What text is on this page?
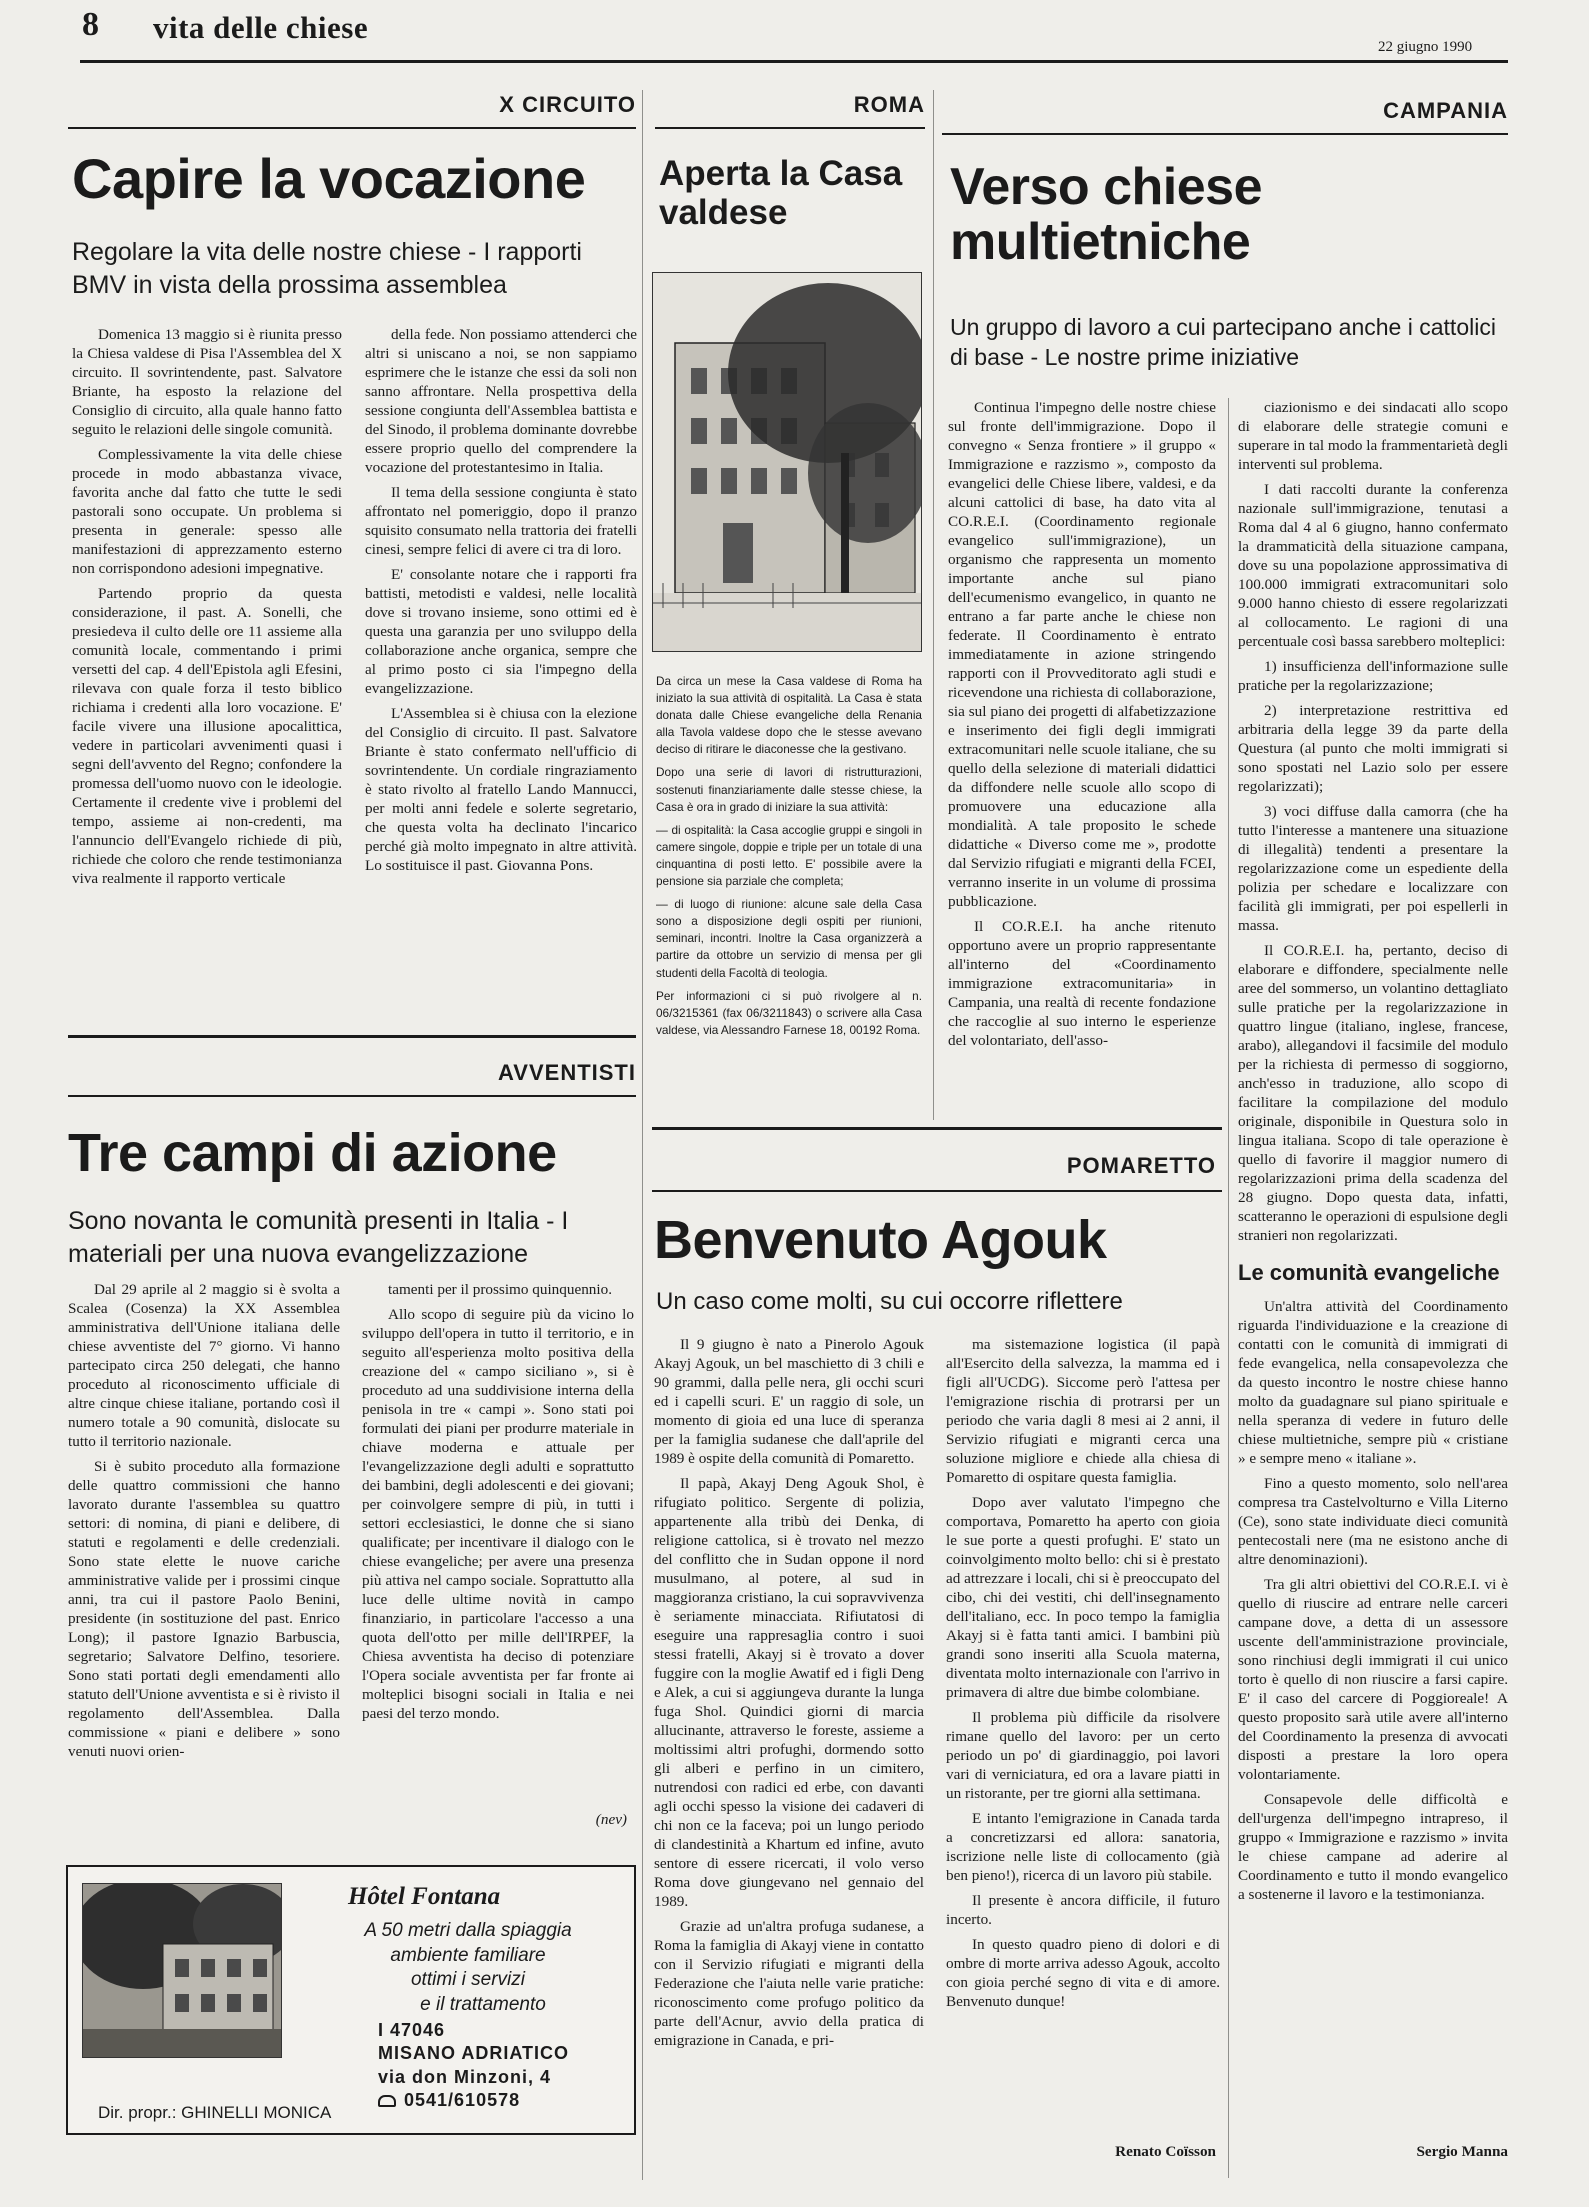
8 vita delle chiese
22 giugno 1990
X CIRCUITO
Capire la vocazione
Regolare la vita delle nostre chiese - I rapporti BMV in vista della prossima assemblea

Domenica 13 maggio si è riunita presso la Chiesa valdese di Pisa l'Assemblea del X circuito. Il sovrintendente, past. Salvatore Briante, ha esposto la relazione del Consiglio di circuito, alla quale hanno fatto seguito le relazioni delle singole comunità.

Complessivamente la vita delle chiese procede in modo abbastanza vivace, favorita anche dal fatto che tutte le sedi pastorali sono occupate. Un problema si presenta in generale: spesso alle manifestazioni di apprezzamento esterno non corrispondono adesioni impegnative.

Partendo proprio da questa considerazione, il past. A. Sonelli, che presiedeva il culto delle ore 11 assieme alla comunità locale, commentando i primi versetti del cap. 4 dell'Epistola agli Efesini, rilevava con quale forza il testo biblico richiama i credenti alla loro vocazione. E' facile vivere una illusione apocalittica, vedere in particolari avvenimenti quasi i segni dell'avvento del Regno; confondere la promessa dell'uomo nuovo con le ideologie. Certamente il credente vive i problemi del tempo, assieme ai non-credenti, ma l'annuncio dell'Evangelo richiede di più, richiede che coloro che rende testimonianza viva realmente il rapporto verticale

della fede. Non possiamo attenderci che altri si uniscano a noi, se non sappiamo esprimere che le istanze che essi da soli non sanno affrontare. Nella prospettiva della sessione congiunta dell'Assemblea battista e del Sinodo, il problema dominante dovrebbe essere proprio quello del comprendere la vocazione del protestantesimo in Italia.

Il tema della sessione congiunta è stato affrontato nel pomeriggio, dopo il pranzo squisito consumato nella trattoria dei fratelli cinesi, sempre felici di avere ci tra di loro.

E' consolante notare che i rapporti fra battisti, metodisti e valdesi, nelle località dove si trovano insieme, sono ottimi ed è questa una garanzia per uno sviluppo della collaborazione anche organica, sempre che al primo posto ci sia l'impegno della evangelizzazione.

L'Assemblea si è chiusa con la elezione del Consiglio di circuito. Il past. Salvatore Briante è stato confermato nell'ufficio di sovrintendente. Un cordiale ringraziamento è stato rivolto al fratello Lando Mannucci, per molti anni fedele e solerte segretario, che questa volta ha declinato l'incarico perché già molto impegnato in altre attività. Lo sostituisce il past. Giovanna Pons.

ROMA
Aperta la Casa valdese

Da circa un mese la Casa valdese di Roma ha iniziato la sua attività di ospitalità. La Casa è stata donata dalle Chiese evangeliche della Renania alla Tavola valdese dopo che le stesse avevano deciso di ritirare le diaconesse che la gestivano.

Dopo una serie di lavori di ristrutturazioni, sostenuti finanziariamente dalle stesse chiese, la Casa è ora in grado di iniziare la sua attività:

— di ospitalità: la Casa accoglie gruppi e singoli in camere singole, doppie e triple per un totale di una cinquantina di posti letto. E' possibile avere la pensione sia parziale che completa;

— di luogo di riunione: alcune sale della Casa sono a disposizione degli ospiti per riunioni, seminari, incontri. Inoltre la Casa organizzerà a partire da ottobre un servizio di mensa per gli studenti della Facoltà di teologia.

Per informazioni ci si può rivolgere al n. 06/3215361 (fax 06/3211843) o scrivere alla Casa valdese, via Alessandro Farnese 18, 00192 Roma.

CAMPANIA
Verso chiese multietniche
Un gruppo di lavoro a cui partecipano anche i cattolici di base - Le nostre prime iniziative

Continua l'impegno delle nostre chiese sul fronte dell'immigrazione. Dopo il convegno « Senza frontiere » il gruppo « Immigrazione e razzismo », composto da evangelici delle Chiese libere, valdesi, e da alcuni cattolici di base, ha dato vita al CO.R.E.I. (Coordinamento regionale evangelico sull'immigrazione), un organismo che rappresenta un momento importante anche sul piano dell'ecumenismo evangelico, in quanto ne entrano a far parte anche le chiese non federate. Il Coordinamento è entrato immediatamente in azione stringendo rapporti con il Provveditorato agli studi e ricevendone una richiesta di collaborazione, sia sul piano dei progetti di alfabetizzazione e inserimento dei figli degli immigrati extracomunitari nelle scuole italiane, che su quello della selezione di materiali didattici da diffondere nelle scuole allo scopo di promuovere una educazione alla mondialità. A tale proposito le schede didattiche « Diverso come me », prodotte dal Servizio rifugiati e migranti della FCEI, verranno inserite in un volume di prossima pubblicazione.

Il CO.R.E.I. ha anche ritenuto opportuno avere un proprio rappresentante all'interno del «Coordinamento immigrazione extracomunitaria» in Campania, una realtà di recente fondazione che raccoglie al suo interno le esperienze del volontariato, dell'asso-

ciazionismo e dei sindacati allo scopo di elaborare delle strategie comuni e superare in tal modo la frammentarietà degli interventi sul problema.

I dati raccolti durante la conferenza nazionale sull'immigrazione, tenutasi a Roma dal 4 al 6 giugno, hanno confermato la drammaticità della situazione campana, dove su una popolazione approssimativa di 100.000 immigrati extracomunitari solo 9.000 hanno chiesto di essere regolarizzati al collocamento. Le ragioni di una percentuale così bassa sarebbero molteplici:

1) insufficienza dell'informazione sulle pratiche per la regolarizzazione;

2) interpretazione restrittiva ed arbitraria della legge 39 da parte della Questura (al punto che molti immigrati si sono spostati nel Lazio solo per essere regolarizzati);

3) voci diffuse dalla camorra (che ha tutto l'interesse a mantenere una situazione di illegalità) tendenti a presentare la regolarizzazione come un espediente della polizia per schedare e localizzare con facilità gli immigrati, per poi espellerli in massa.

Il CO.R.E.I. ha, pertanto, deciso di elaborare e diffondere, specialmente nelle aree del sommerso, un volantino dettagliato sulle pratiche per la regolarizzazione in quattro lingue (italiano, inglese, francese, arabo), allegandovi il facsimile del modulo per la richiesta di permesso di soggiorno, anch'esso in traduzione, allo scopo di facilitare la compilazione del modulo originale, disponibile in Questura solo in lingua italiana. Scopo di tale operazione è quello di favorire il maggior numero di regolarizzazioni prima della scadenza del 28 giugno. Dopo questa data, infatti, scatteranno le operazioni di espulsione degli stranieri non regolarizzati.

Le comunità evangeliche

Un'altra attività del Coordinamento riguarda l'individuazione e la creazione di contatti con le comunità di immigrati di fede evangelica, nella consapevolezza che da questo incontro le nostre chiese hanno molto da guadagnare sul piano spirituale e nella speranza di vedere in futuro delle chiese multietniche, sempre più « cristiane » e sempre meno « italiane ».

Fino a questo momento, solo nell'area compresa tra Castelvolturno e Villa Literno (Ce), sono state individuate dieci comunità pentecostali nere (ma ne esistono anche di altre denominazioni).

Tra gli altri obiettivi del CO.R.E.I. vi è quello di riuscire ad entrare nelle carceri campane dove, a detta di un assessore uscente dell'amministrazione provinciale, sono rinchiusi degli immigrati il cui unico torto è quello di non riuscire a farsi capire. E' il caso del carcere di Poggioreale! A questo proposito sarà utile avere all'interno del Coordinamento la presenza di avvocati disposti a prestare la loro opera volontariamente.

Consapevole delle difficoltà e dell'urgenza dell'impegno intrapreso, il gruppo « Immigrazione e razzismo » invita le chiese campane ad aderire al Coordinamento e tutto il mondo evangelico a sostenerne il lavoro e la testimonianza.

Sergio Manna

AVVENTISTI
Tre campi di azione
Sono novanta le comunità presenti in Italia - I materiali per una nuova evangelizzazione

Dal 29 aprile al 2 maggio si è svolta a Scalea (Cosenza) la XX Assemblea amministrativa dell'Unione italiana delle chiese avventiste del 7° giorno. Vi hanno partecipato circa 250 delegati, che hanno proceduto al riconoscimento ufficiale di altre cinque chiese italiane, portando così il numero totale a 90 comunità, dislocate su tutto il territorio nazionale.

Si è subito proceduto alla formazione delle quattro commissioni che hanno lavorato durante l'assemblea su quattro settori: di nomina, di piani e delibere, di statuti e regolamenti e delle credenziali. Sono state elette le nuove cariche amministrative valide per i prossimi cinque anni, tra cui il pastore Paolo Benini, presidente (in sostituzione del past. Enrico Long); il pastore Ignazio Barbuscia, segretario; Salvatore Delfino, tesoriere. Sono stati portati degli emendamenti allo statuto dell'Unione avventista e si è rivisto il regolamento dell'Assemblea. Dalla commissione « piani e delibere » sono venuti nuovi orien-

tamenti per il prossimo quinquennio.

Allo scopo di seguire più da vicino lo sviluppo dell'opera in tutto il territorio, e in seguito all'esperienza molto positiva della creazione del « campo siciliano », si è proceduto ad una suddivisione interna della penisola in tre « campi ». Sono stati poi formulati dei piani per produrre materiale in chiave moderna e attuale per l'evangelizzazione degli adulti e soprattutto dei bambini, degli adolescenti e dei giovani; per coinvolgere sempre di più, in tutti i settori ecclesiastici, le donne che si siano qualificate; per incentivare il dialogo con le chiese evangeliche; per avere una presenza più attiva nel campo sociale. Soprattutto alla luce delle ultime novità in campo finanziario, in particolare l'accesso a una quota dell'otto per mille dell'IRPEF, la Chiesa avventista ha deciso di potenziare l'Opera sociale avventista per far fronte ai molteplici bisogni sociali in Italia e nei paesi del terzo mondo.

(nev)

POMARETTO
Benvenuto Agouk
Un caso come molti, su cui occorre riflettere

Il 9 giugno è nato a Pinerolo Agouk Akayj Agouk, un bel maschietto di 3 chili e 90 grammi, dalla pelle nera, gli occhi scuri ed i capelli scuri. E' un raggio di sole, un momento di gioia ed una luce di speranza per la famiglia sudanese che dall'aprile del 1989 è ospite della comunità di Pomaretto.

Il papà, Akayj Deng Agouk Shol, è rifugiato politico. Sergente di polizia, appartenente alla tribù dei Denka, di religione cattolica, si è trovato nel mezzo del conflitto che in Sudan oppone il nord musulmano, al potere, al sud in maggioranza cristiano, la cui sopravvivenza è seriamente minacciata. Rifiutatosi di eseguire una rappresaglia contro i suoi stessi fratelli, Akayj si è trovato a dover fuggire con la moglie Awatif ed i figli Deng e Alek, a cui si aggiungeva durante la lunga fuga Shol. Quindici giorni di marcia allucinante, attraverso le foreste, assieme a moltissimi altri profughi, dormendo sotto gli alberi e perfino in un cimitero, nutrendosi con radici ed erbe, con davanti agli occhi spesso la visione dei cadaveri di chi non ce la faceva; poi un lungo periodo di clandestinità a Khartum ed infine, avuto sentore di essere ricercati, il volo verso Roma dove giungevano nel gennaio del 1989.

Grazie ad un'altra profuga sudanese, a Roma la famiglia di Akayj viene in contatto con il Servizio rifugiati e migranti della Federazione che l'aiuta nelle varie pratiche: riconoscimento come profugo politico da parte dell'Acnur, avvio della pratica di emigrazione in Canada, e pri-

ma sistemazione logistica (il papà all'Esercito della salvezza, la mamma ed i figli all'UCDG). Siccome però l'attesa per l'emigrazione rischia di protrarsi per un periodo che varia dagli 8 mesi ai 2 anni, il Servizio rifugiati e migranti cerca una soluzione migliore e chiede alla chiesa di Pomaretto di ospitare questa famiglia.

Dopo aver valutato l'impegno che comportava, Pomaretto ha aperto con gioia le sue porte a questi profughi. E' stato un coinvolgimento molto bello: chi si è prestato ad attrezzare i locali, chi si è preoccupato del cibo, chi dei vestiti, chi dell'insegnamento dell'italiano, ecc. In poco tempo la famiglia Akayj si è fatta tanti amici. I bambini più grandi sono inseriti alla Scuola materna, diventata molto internazionale con l'arrivo in primavera di altre due bimbe colombiane.

Il problema più difficile da risolvere rimane quello del lavoro: per un certo periodo un po' di giardinaggio, poi lavori vari di verniciatura, ed ora a lavare piatti in un ristorante, per tre giorni alla settimana.

E intanto l'emigrazione in Canada tarda a concretizzarsi ed allora: sanatoria, iscrizione nelle liste di collocamento (già ben pieno!), ricerca di un lavoro più stabile.

Il presente è ancora difficile, il futuro incerto.

In questo quadro pieno di dolori e di ombre di morte arriva adesso Agouk, accolto con gioia perché segno di vita e di amore. Benvenuto dunque!

Renato Coïsson

Hôtel Fontana
A 50 metri dalla spiaggia
ambiente familiare
ottimi i servizi
e il trattamento
I 47046
MISANO ADRIATICO
via don Minzoni, 4
0541/610578
Dir. propr.: GHINELLI MONICA
